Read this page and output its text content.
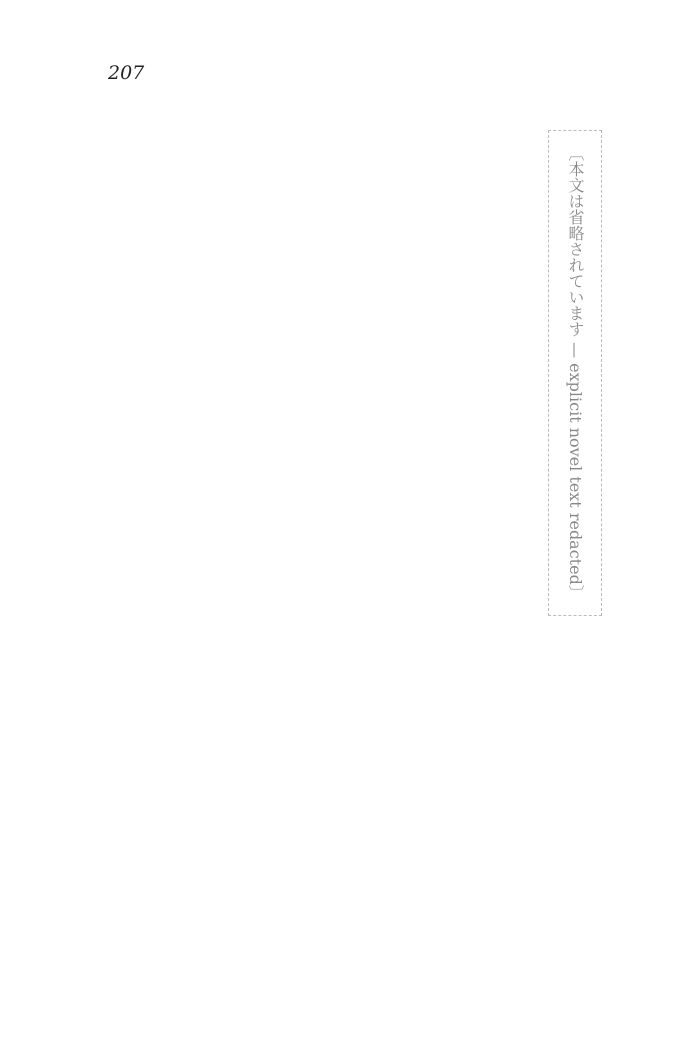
207
〔本文は省略されています — explicit novel text redacted〕
